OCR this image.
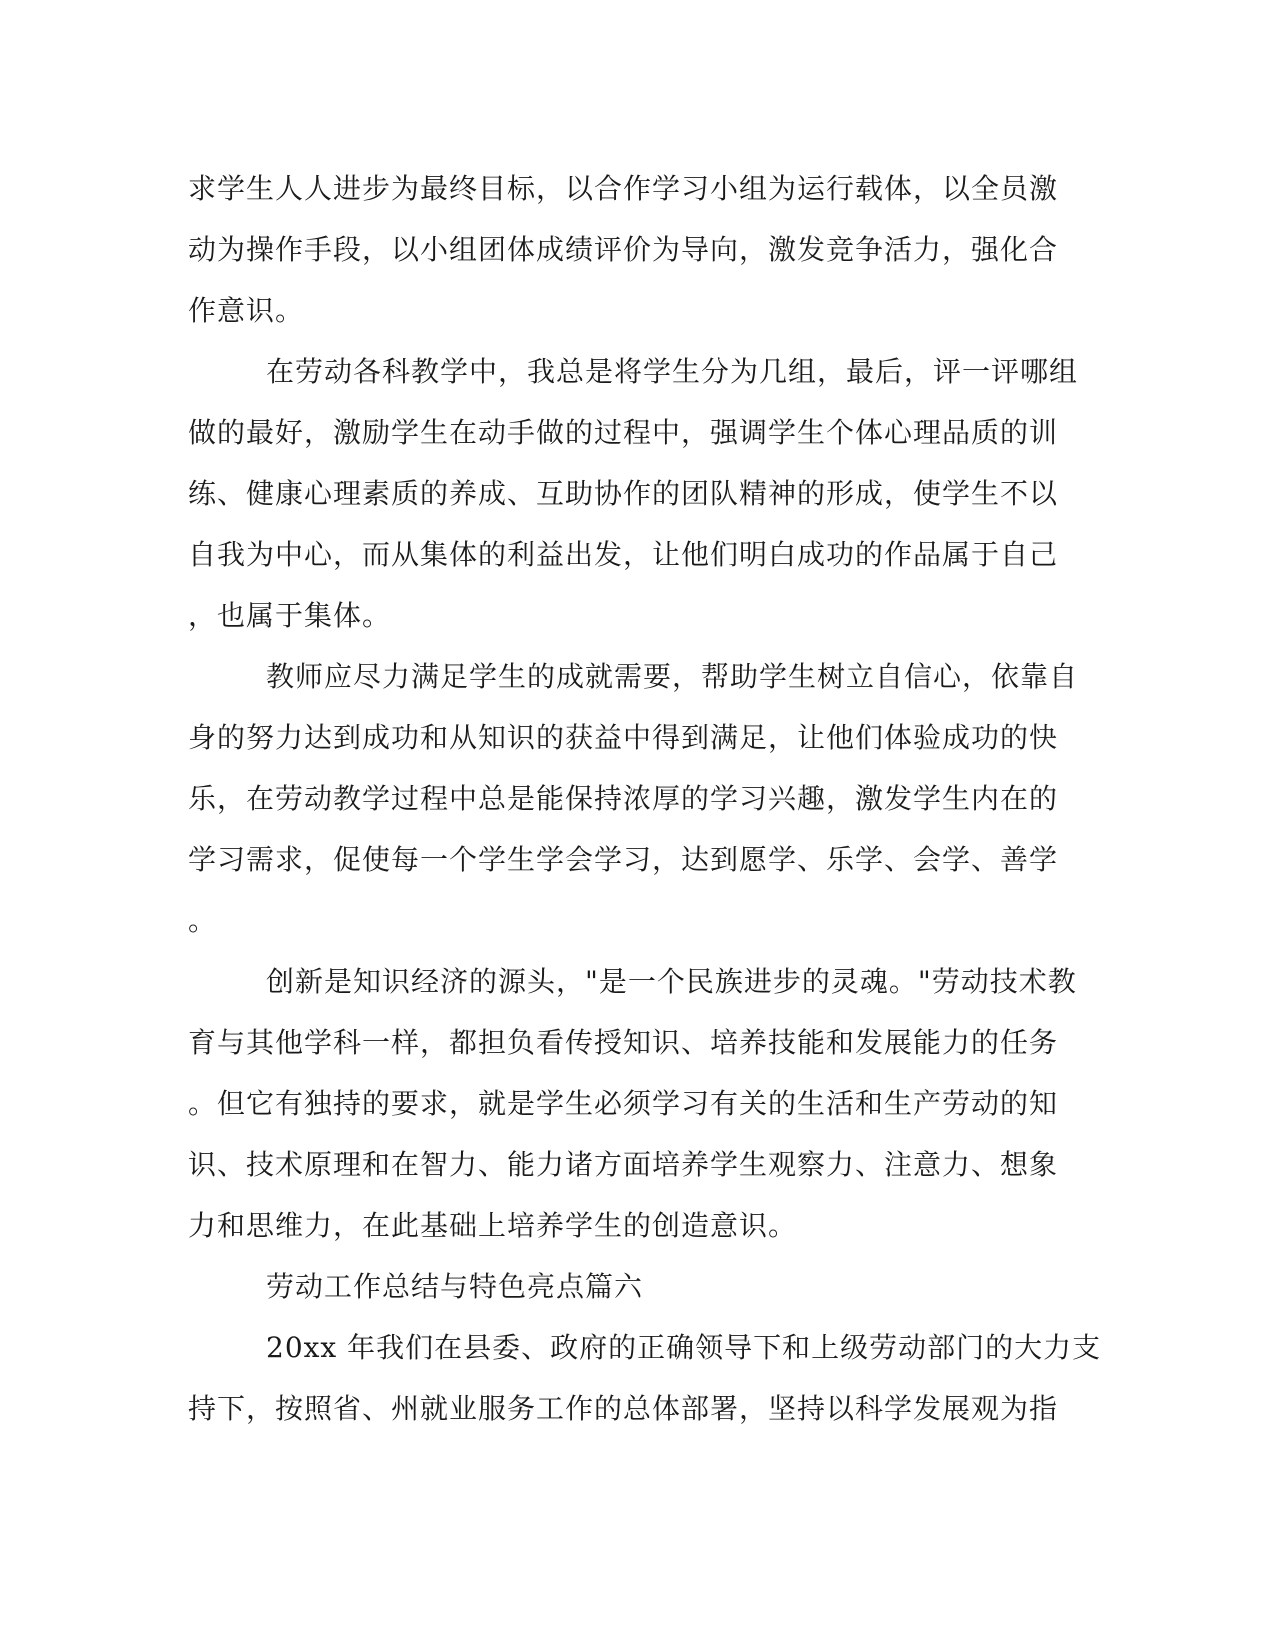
求学生人人进步为最终目标，以合作学习小组为运行载体，以全员激
动为操作手段，以小组团体成绩评价为导向，激发竞争活力，强化合
作意识。
在劳动各科教学中，我总是将学生分为几组，最后，评一评哪组
做的最好，激励学生在动手做的过程中，强调学生个体心理品质的训
练、健康心理素质的养成、互助协作的团队精神的形成，使学生不以
自我为中心，而从集体的利益出发，让他们明白成功的作品属于自己
，也属于集体。
教师应尽力满足学生的成就需要，帮助学生树立自信心，依靠自
身的努力达到成功和从知识的获益中得到满足，让他们体验成功的快
乐，在劳动教学过程中总是能保持浓厚的学习兴趣，激发学生内在的
学习需求，促使每一个学生学会学习，达到愿学、乐学、会学、善学
。
创新是知识经济的源头，"是一个民族进步的灵魂。"劳动技术教
育与其他学科一样，都担负看传授知识、培养技能和发展能力的任务
。但它有独持的要求，就是学生必须学习有关的生活和生产劳动的知
识、技术原理和在智力、能力诸方面培养学生观察力、注意力、想象
力和思维力，在此基础上培养学生的创造意识。
劳动工作总结与特色亮点篇六
20xx 年我们在县委、政府的正确领导下和上级劳动部门的大力支
持下，按照省、州就业服务工作的总体部署，坚持以科学发展观为指
